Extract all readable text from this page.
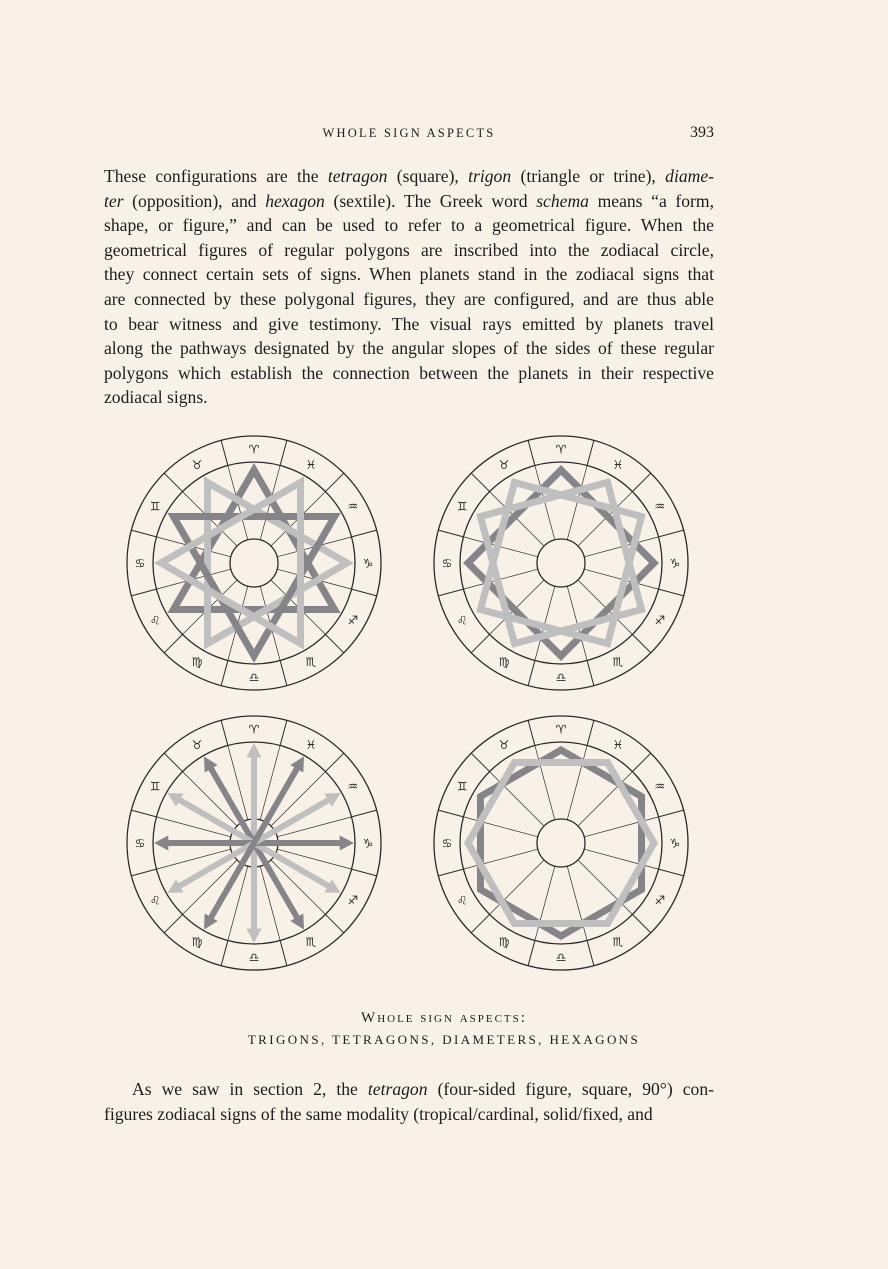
WHOLE SIGN ASPECTS	393
These configurations are the tetragon (square), trigon (triangle or trine), diame-
ter (opposition), and hexagon (sextile). The Greek word schema means “a form,
shape, or figure,” and can be used to refer to a geometrical figure. When the
geometrical figures of regular polygons are inscribed into the zodiacal circle,
they connect certain sets of signs. When planets stand in the zodiacal signs that
are connected by these polygonal figures, they are configured, and are thus able
to bear witness and give testimony. The visual rays emitted by planets travel
along the pathways designated by the angular slopes of the sides of these regular
polygons which establish the connection between the planets in their respective
zodiacal signs.
♈
♉
♊
♋
♌
♍
♎
♏
♐
♑
♒
♓
♈
♉
♊
♋
♌
♍
♎
♏
♐
♑
♒
♓
♈
♉
♊
♋
♌
♍
♎
♏
♐
♑
♒
♓
♈
♉
♊
♋
♌
♍
♎
♏
♐
♑
♒
♓
Whole sign aspects:
TRIGONS, TETRAGONS, DIAMETERS, HEXAGONS
As we saw in section 2, the tetragon (four-sided figure, square, 90°) con-
figures zodiacal signs of the same modality (tropical/cardinal, solid/fixed, and
